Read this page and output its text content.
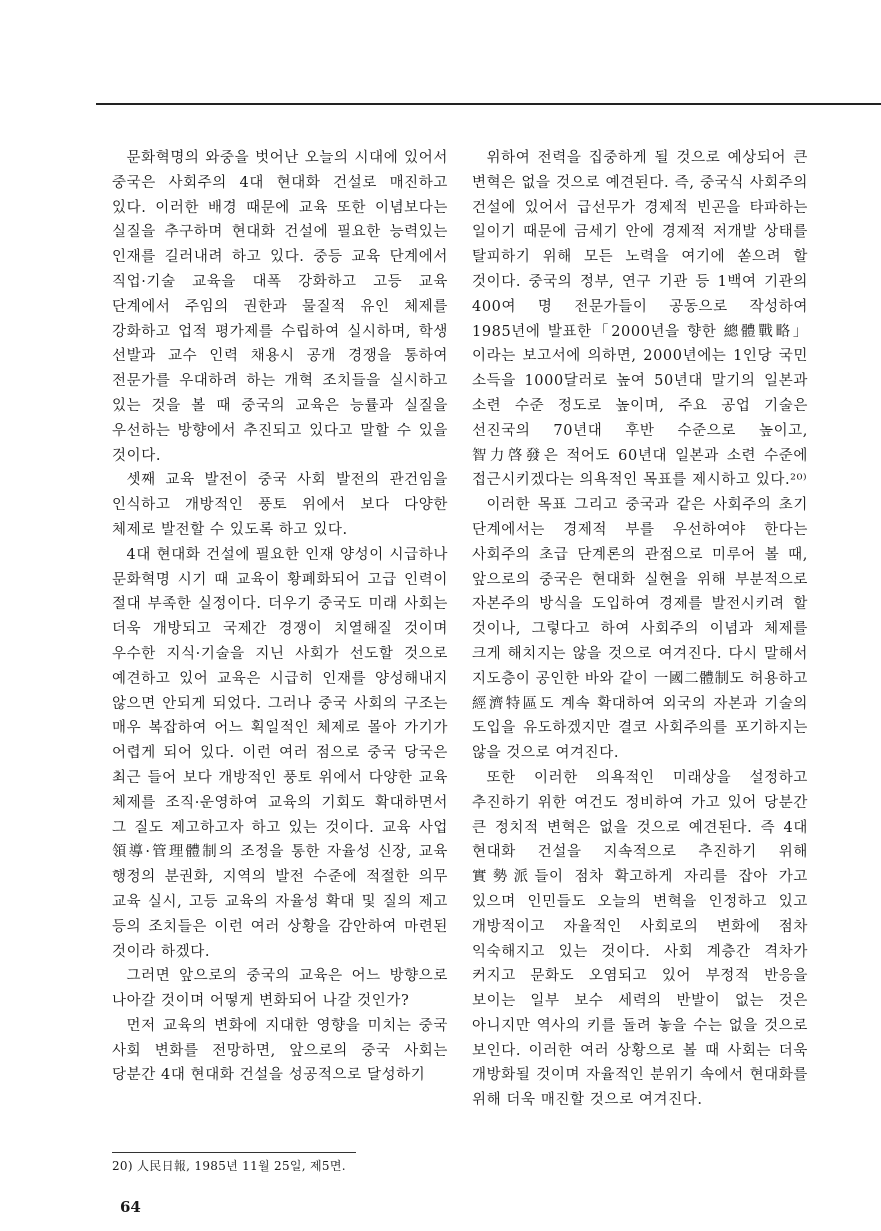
문화혁명의 와중을 벗어난 오늘의 시대에 있어서 중국은 사회주의 4대 현대화 건설로 매진하고 있다. 이러한 배경 때문에 교육 또한 이념보다는 실질을 추구하며 현대화 건설에 필요한 능력있는 인재를 길러내려 하고 있다. 중등 교육 단계에서 직업·기술 교육을 대폭 강화하고 고등 교육 단계에서 주임의 권한과 물질적 유인 체제를 강화하고 업적 평가제를 수립하여 실시하며, 학생 선발과 교수 인력 채용시 공개 경쟁을 통하여 전문가를 우대하려 하는 개혁 조치들을 실시하고 있는 것을 볼 때 중국의 교육은 능률과 실질을 우선하는 방향에서 추진되고 있다고 말할 수 있을 것이다.

셋째 교육 발전이 중국 사회 발전의 관건임을 인식하고 개방적인 풍토 위에서 보다 다양한 체제로 발전할 수 있도록 하고 있다.

4대 현대화 건설에 필요한 인재 양성이 시급하나 문화혁명 시기 때 교육이 황폐화되어 고급 인력이 절대 부족한 실정이다. 더우기 중국도 미래 사회는 더욱 개방되고 국제간 경쟁이 치열해질 것이며 우수한 지식·기술을 지닌 사회가 선도할 것으로 예견하고 있어 교육은 시급히 인재를 양성해내지 않으면 안되게 되었다. 그러나 중국 사회의 구조는 매우 복잡하여 어느 획일적인 체제로 몰아 가기가 어렵게 되어 있다. 이런 여러 점으로 중국 당국은 최근 들어 보다 개방적인 풍토 위에서 다양한 교육 체제를 조직·운영하여 교육의 기회도 확대하면서 그 질도 제고하고자 하고 있는 것이다. 교육 사업 領導·管理體制의 조정을 통한 자율성 신장, 교육 행정의 분권화, 지역의 발전 수준에 적절한 의무 교육 실시, 고등 교육의 자율성 확대 및 질의 제고 등의 조치들은 이런 여러 상황을 감안하여 마련된 것이라 하겠다.

그러면 앞으로의 중국의 교육은 어느 방향으로 나아갈 것이며 어떻게 변화되어 나갈 것인가?

먼저 교육의 변화에 지대한 영향을 미치는 중국 사회 변화를 전망하면, 앞으로의 중국 사회는 당분간 4대 현대화 건설을 성공적으로 달성하기

위하여 전력을 집중하게 될 것으로 예상되어 큰 변혁은 없을 것으로 예견된다. 즉, 중국식 사회주의 건설에 있어서 급선무가 경제적 빈곤을 타파하는 일이기 때문에 금세기 안에 경제적 저개발 상태를 탈피하기 위해 모든 노력을 여기에 쏟으려 할 것이다. 중국의 정부, 연구 기관 등 1백여 기관의 400여 명 전문가들이 공동으로 작성하여 1985년에 발표한「2000년을 향한 總體戰略」이라는 보고서에 의하면, 2000년에는 1인당 국민 소득을 1000달러로 높여 50년대 말기의 일본과 소련 수준 정도로 높이며, 주요 공업 기술은 선진국의 70년대 후반 수준으로 높이고, 智力啓發은 적어도 60년대 일본과 소련 수준에 접근시키겠다는 의욕적인 목표를 제시하고 있다.²⁰⁾

이러한 목표 그리고 중국과 같은 사회주의 초기 단계에서는 경제적 부를 우선하여야 한다는 사회주의 초급 단계론의 관점으로 미루어 볼 때, 앞으로의 중국은 현대화 실현을 위해 부분적으로 자본주의 방식을 도입하여 경제를 발전시키려 할 것이나, 그렇다고 하여 사회주의 이념과 체제를 크게 해치지는 않을 것으로 여겨진다. 다시 말해서 지도층이 공인한 바와 같이 一國二體制도 허용하고 經濟特區도 계속 확대하여 외국의 자본과 기술의 도입을 유도하겠지만 결코 사회주의를 포기하지는 않을 것으로 여겨진다.

또한 이러한 의욕적인 미래상을 설정하고 추진하기 위한 여건도 정비하여 가고 있어 당분간 큰 정치적 변혁은 없을 것으로 예견된다. 즉 4대 현대화 건설을 지속적으로 추진하기 위해 實勢派들이 점차 확고하게 자리를 잡아 가고 있으며 인민들도 오늘의 변혁을 인정하고 있고 개방적이고 자율적인 사회로의 변화에 점차 익숙해지고 있는 것이다. 사회 계층간 격차가 커지고 문화도 오염되고 있어 부정적 반응을 보이는 일부 보수 세력의 반발이 없는 것은 아니지만 역사의 키를 돌려 놓을 수는 없을 것으로 보인다. 이러한 여러 상황으로 볼 때 사회는 더욱 개방화될 것이며 자율적인 분위기 속에서 현대화를 위해 더욱 매진할 것으로 여겨진다.

20) 人民日報, 1985년 11월 25일, 제5면.
64
